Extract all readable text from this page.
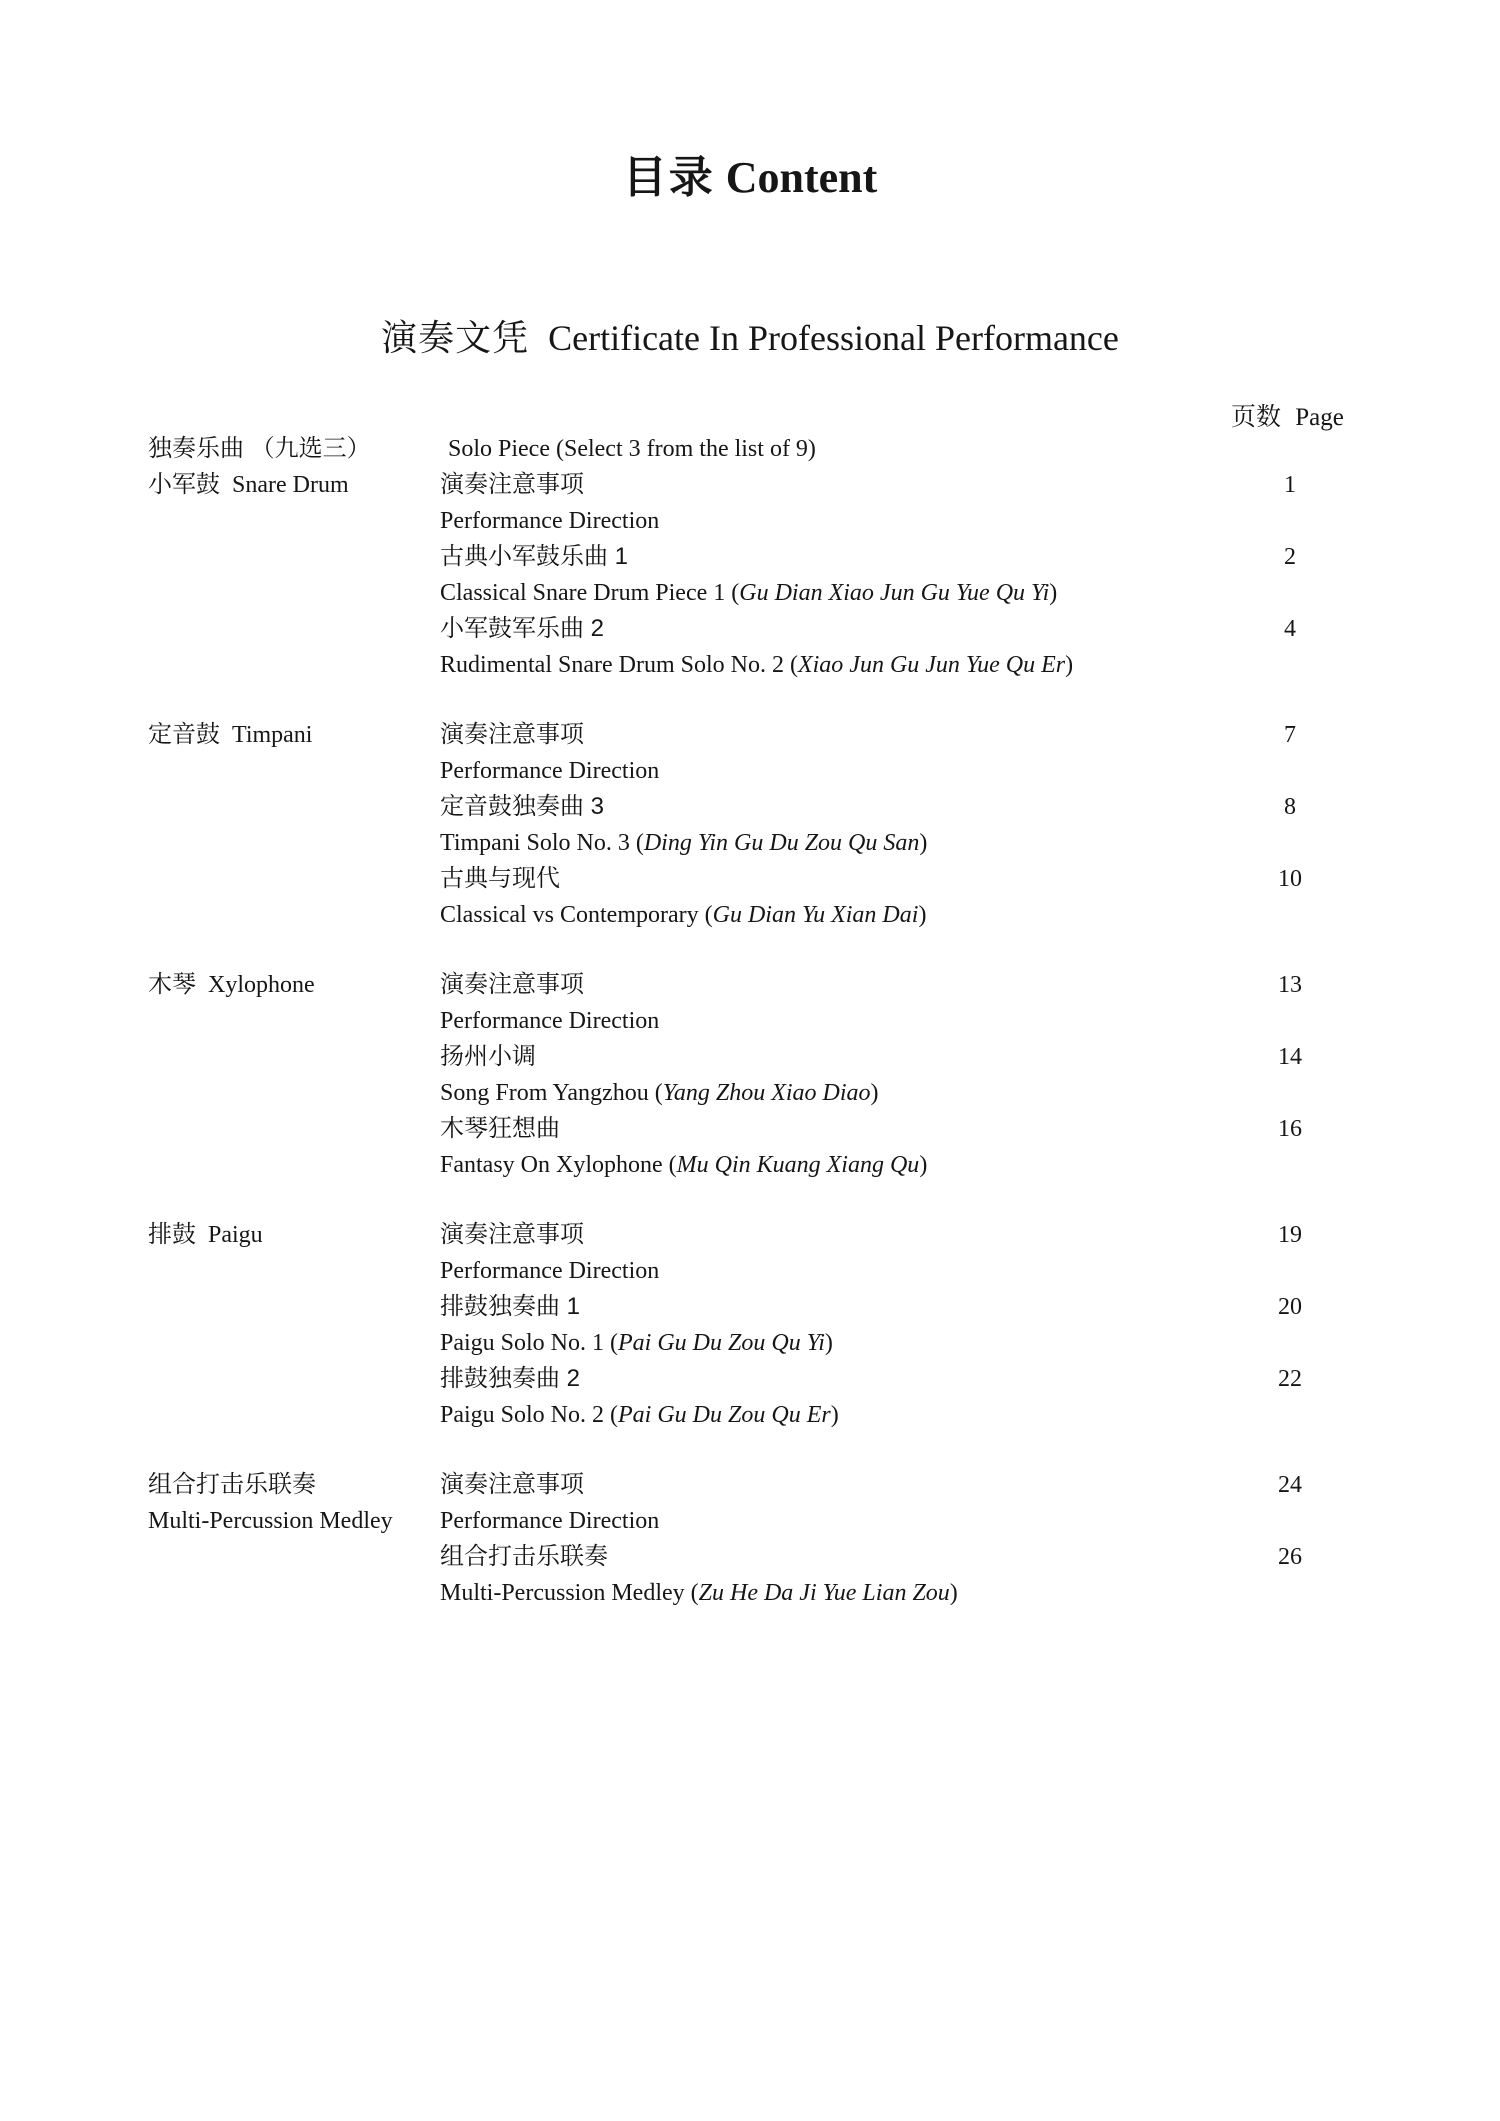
目录 Content
演奏文凭 Certificate In Professional Performance
页数 Page
独奏乐曲 （九选三）	Solo Piece (Select 3 from the list of 9)
小军鼓 Snare Drum	演奏注意事项	1
Performance Direction
古典小军鼓乐曲 1	2
Classical Snare Drum Piece 1 (Gu Dian Xiao Jun Gu Yue Qu Yi)
小军鼓军乐曲 2	4
Rudimental Snare Drum Solo No. 2 (Xiao Jun Gu Jun Yue Qu Er)
定音鼓 Timpani	演奏注意事项	7
Performance Direction
定音鼓独奏曲 3	8
Timpani Solo No. 3 (Ding Yin Gu Du Zou Qu San)
古典与现代	10
Classical vs Contemporary (Gu Dian Yu Xian Dai)
木琴 Xylophone	演奏注意事项	13
Performance Direction
扬州小调	14
Song From Yangzhou (Yang Zhou Xiao Diao)
木琴狂想曲	16
Fantasy On Xylophone (Mu Qin Kuang Xiang Qu)
排鼓 Paigu	演奏注意事项	19
Performance Direction
排鼓独奏曲 1	20
Paigu Solo No. 1 (Pai Gu Du Zou Qu Yi)
排鼓独奏曲 2	22
Paigu Solo No. 2 (Pai Gu Du Zou Qu Er)
组合打击乐联奏	演奏注意事项	24
Multi-Percussion Medley	Performance Direction
组合打击乐联奏	26
Multi-Percussion Medley (Zu He Da Ji Yue Lian Zou)
